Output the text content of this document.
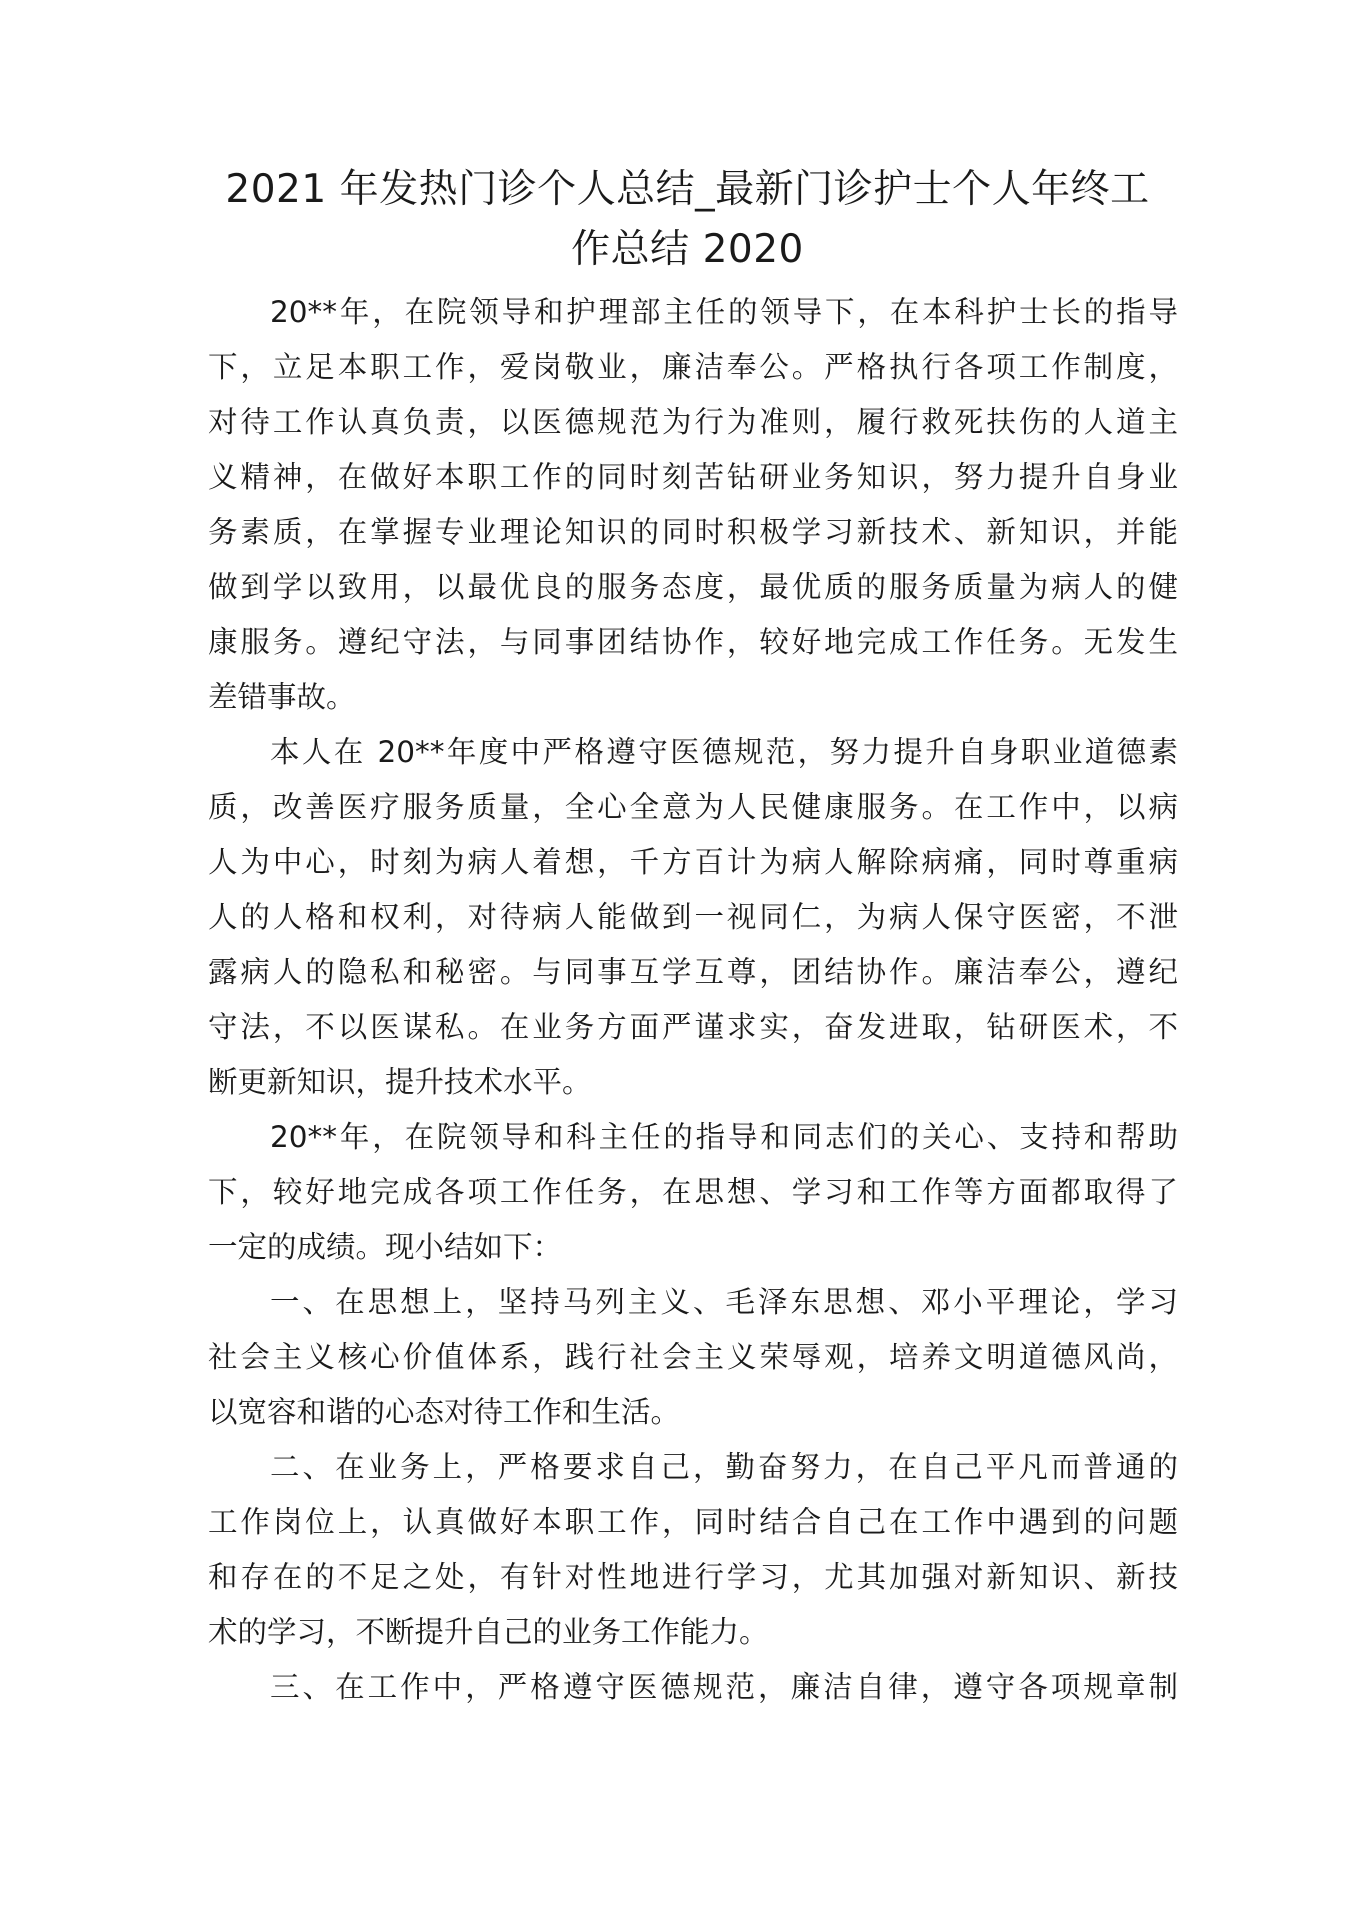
2021 年发热门诊个人总结_最新门诊护士个人年终工
作总结 2020

20**年，在院领导和护理部主任的领导下，在本科护士长的指导
下，立足本职工作，爱岗敬业，廉洁奉公。严格执行各项工作制度，
对待工作认真负责，以医德规范为行为准则，履行救死扶伤的人道主
义精神，在做好本职工作的同时刻苦钻研业务知识，努力提升自身业
务素质，在掌握专业理论知识的同时积极学习新技术、新知识，并能
做到学以致用，以最优良的服务态度，最优质的服务质量为病人的健
康服务。遵纪守法，与同事团结协作，较好地完成工作任务。无发生
差错事故。

本人在 20**年度中严格遵守医德规范，努力提升自身职业道德素
质，改善医疗服务质量，全心全意为人民健康服务。在工作中，以病
人为中心，时刻为病人着想，千方百计为病人解除病痛，同时尊重病
人的人格和权利，对待病人能做到一视同仁，为病人保守医密，不泄
露病人的隐私和秘密。与同事互学互尊，团结协作。廉洁奉公，遵纪
守法，不以医谋私。在业务方面严谨求实，奋发进取，钻研医术，不
断更新知识，提升技术水平。

20**年，在院领导和科主任的指导和同志们的关心、支持和帮助
下，较好地完成各项工作任务，在思想、学习和工作等方面都取得了
一定的成绩。现小结如下：

一、在思想上，坚持马列主义、毛泽东思想、邓小平理论，学习
社会主义核心价值体系，践行社会主义荣辱观，培养文明道德风尚，
以宽容和谐的心态对待工作和生活。

二、在业务上，严格要求自己，勤奋努力，在自己平凡而普通的
工作岗位上，认真做好本职工作，同时结合自己在工作中遇到的问题
和存在的不足之处，有针对性地进行学习，尤其加强对新知识、新技
术的学习，不断提升自己的业务工作能力。

三、在工作中，严格遵守医德规范，廉洁自律，遵守各项规章制
